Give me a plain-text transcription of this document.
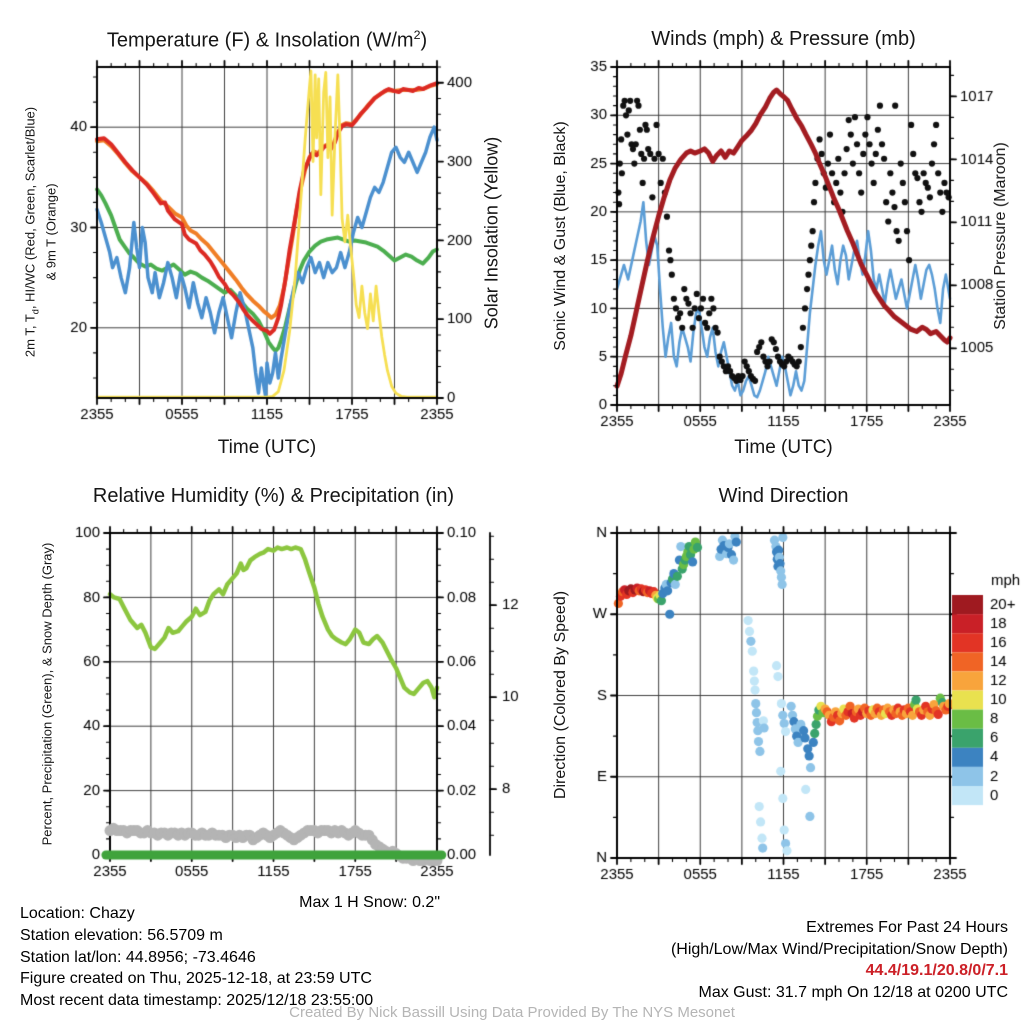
Temperature (F) & Insolation $(W/m^2)$	Winds (mph) & Pressure (mb)
Relative Humidity (%) & Precipitation (in)	Wind Direction
Time (UTC)	Time (UTC)
2m T, $T_d$, HI/WC (Red, Green, Scarlet/Blue) & 9m T (Orange)	Solar Insolation (Yellow)	Sonic Wind & Gust (Blue, Black)	Station Pressure (Maroon)
Percent, Precipitation (Green), & Snow Depth (Gray)	Direction (Colored By Speed)
Location: Chazy
Station elevation: 56.5709 m
Station lat/lon: 44.8956; -73.4646
Figure created on Thu, 2025-12-18, at 23:59 UTC
Most recent data timestamp: 2025/12/18 23:55:00
Max 1 H Snow: 0.2"
Extremes For Past 24 Hours
(High/Low/Max Wind/Precipitation/Snow Depth)
44.4/19.1/20.8/0/7.1
Max Gust: 31.7 mph On 12/18 at 0200 UTC
Created By Nick Bassill Using Data Provided By The NYS Mesonet
